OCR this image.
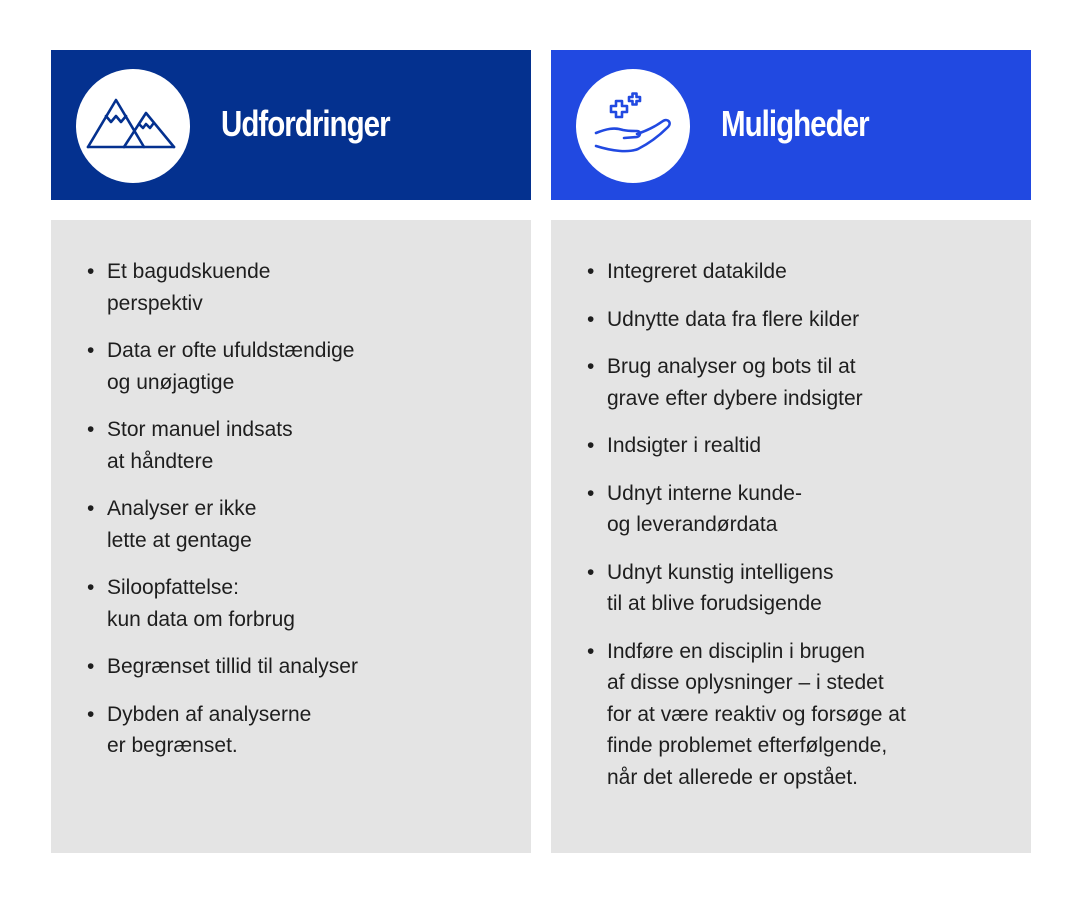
Udfordringer
• Et bagudskuende
perspektiv
• Data er ofte ufuldstændige
og unøjagtige
• Stor manuel indsats
at håndtere
• Analyser er ikke
lette at gentage
• Siloopfattelse:
kun data om forbrug
• Begrænset tillid til analyser
• Dybden af analyserne
er begrænset.
Muligheder
• Integreret datakilde
• Udnytte data fra flere kilder
• Brug analyser og bots til at
grave efter dybere indsigter
• Indsigter i realtid
• Udnyt interne kunde-
og leverandørdata
• Udnyt kunstig intelligens
til at blive forudsigende
• Indføre en disciplin i brugen
af disse oplysninger – i stedet
for at være reaktiv og forsøge at
finde problemet efterfølgende,
når det allerede er opstået.
